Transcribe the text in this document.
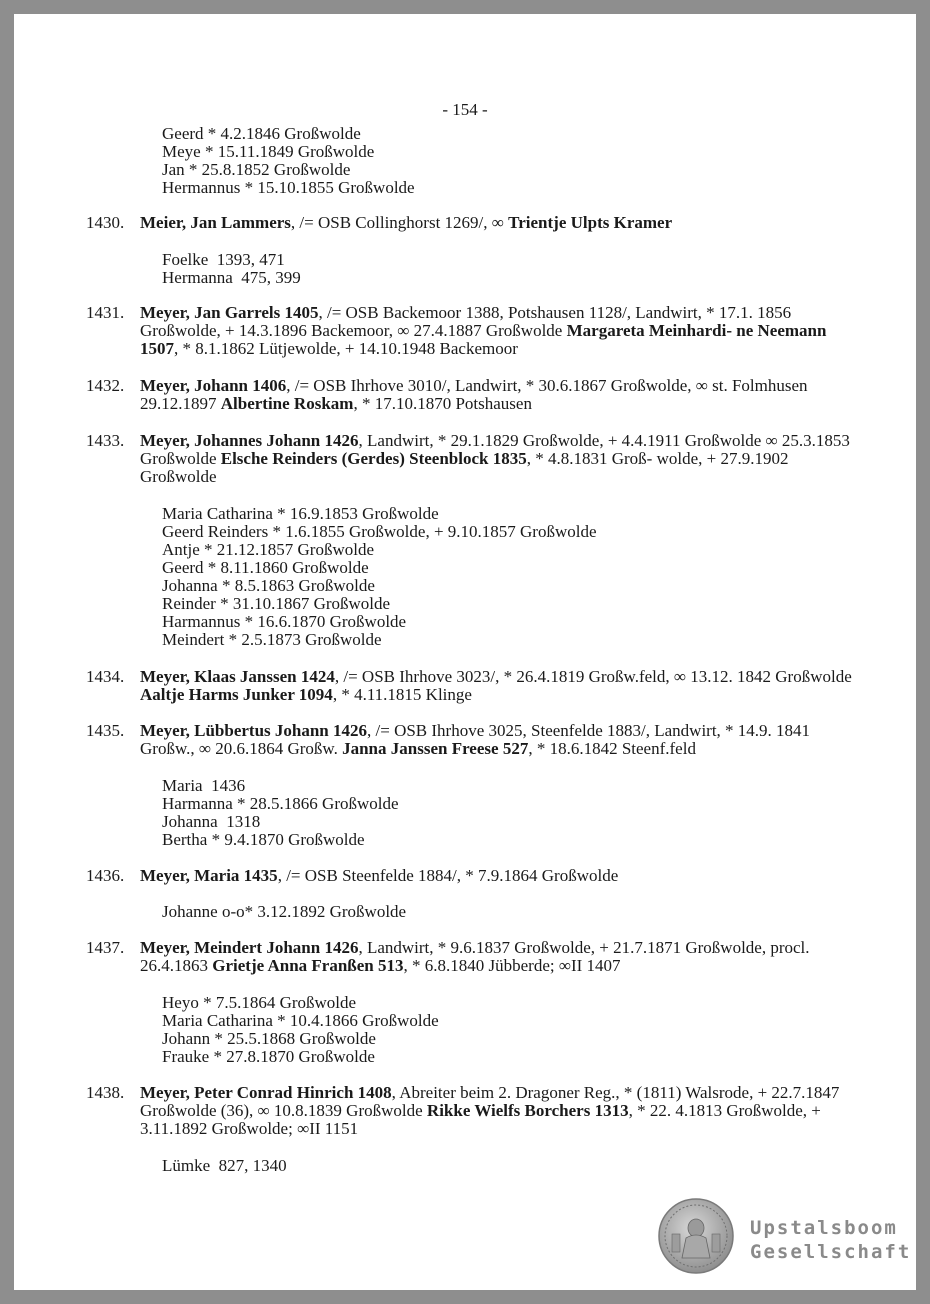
- 154 -
Geerd * 4.2.1846 Großwolde
Meye * 15.11.1849 Großwolde
Jan * 25.8.1852 Großwolde
Hermannus * 15.10.1855 Großwolde
1430. Meier, Jan Lammers, /= OSB Collinghorst 1269/, ∞ Trientje Ulpts Kramer
Foelke  1393, 471
Hermanna  475, 399
1431. Meyer, Jan Garrels 1405, /= OSB Backemoor 1388, Potshausen 1128/, Landwirt, * 17.1. 1856 Großwolde, + 14.3.1896 Backemoor, ∞ 27.4.1887 Großwolde Margareta Meinhardi- ne Neemann 1507, * 8.1.1862 Lütjewolde, + 14.10.1948 Backemoor
1432. Meyer, Johann 1406, /= OSB Ihrhove 3010/, Landwirt, * 30.6.1867 Großwolde, ∞ st. Folmhusen 29.12.1897 Albertine Roskam, * 17.10.1870 Potshausen
1433. Meyer, Johannes Johann 1426, Landwirt, * 29.1.1829 Großwolde, + 4.4.1911 Großwolde ∞ 25.3.1853 Großwolde Elsche Reinders (Gerdes) Steenblock 1835, * 4.8.1831 Groß- wolde, + 27.9.1902 Großwolde
Maria Catharina * 16.9.1853 Großwolde
Geerd Reinders * 1.6.1855 Großwolde, + 9.10.1857 Großwolde
Antje * 21.12.1857 Großwolde
Geerd * 8.11.1860 Großwolde
Johanna * 8.5.1863 Großwolde
Reinder * 31.10.1867 Großwolde
Harmannus * 16.6.1870 Großwolde
Meindert * 2.5.1873 Großwolde
1434. Meyer, Klaas Janssen 1424, /= OSB Ihrhove 3023/, * 26.4.1819 Großw.feld, ∞ 13.12. 1842 Großwolde Aaltje Harms Junker 1094, * 4.11.1815 Klinge
1435. Meyer, Lübbertus Johann 1426, /= OSB Ihrhove 3025, Steenfelde 1883/, Landwirt, * 14.9. 1841 Großw., ∞ 20.6.1864 Großw. Janna Janssen Freese 527, * 18.6.1842 Steenf.feld
Maria  1436
Harmanna * 28.5.1866 Großwolde
Johanna  1318
Bertha * 9.4.1870 Großwolde
1436. Meyer, Maria 1435, /= OSB Steenfelde 1884/, * 7.9.1864 Großwolde
Johanne o-o* 3.12.1892 Großwolde
1437. Meyer, Meindert Johann 1426, Landwirt, * 9.6.1837 Großwolde, + 21.7.1871 Großwolde, procl. 26.4.1863 Grietje Anna Franßen 513, * 6.8.1840 Jübberde; ∞II 1407
Heyo * 7.5.1864 Großwolde
Maria Catharina * 10.4.1866 Großwolde
Johann * 25.5.1868 Großwolde
Frauke * 27.8.1870 Großwolde
1438. Meyer, Peter Conrad Hinrich 1408, Abreiter beim 2. Dragoner Reg., * (1811) Walsrode, + 22.7.1847 Großwolde (36), ∞ 10.8.1839 Großwolde Rikke Wielfs Borchers 1313, * 22. 4.1813 Großwolde, + 3.11.1892 Großwolde; ∞II 1151
Lümke  827, 1340
Upstalsboom
Gesellschaft
